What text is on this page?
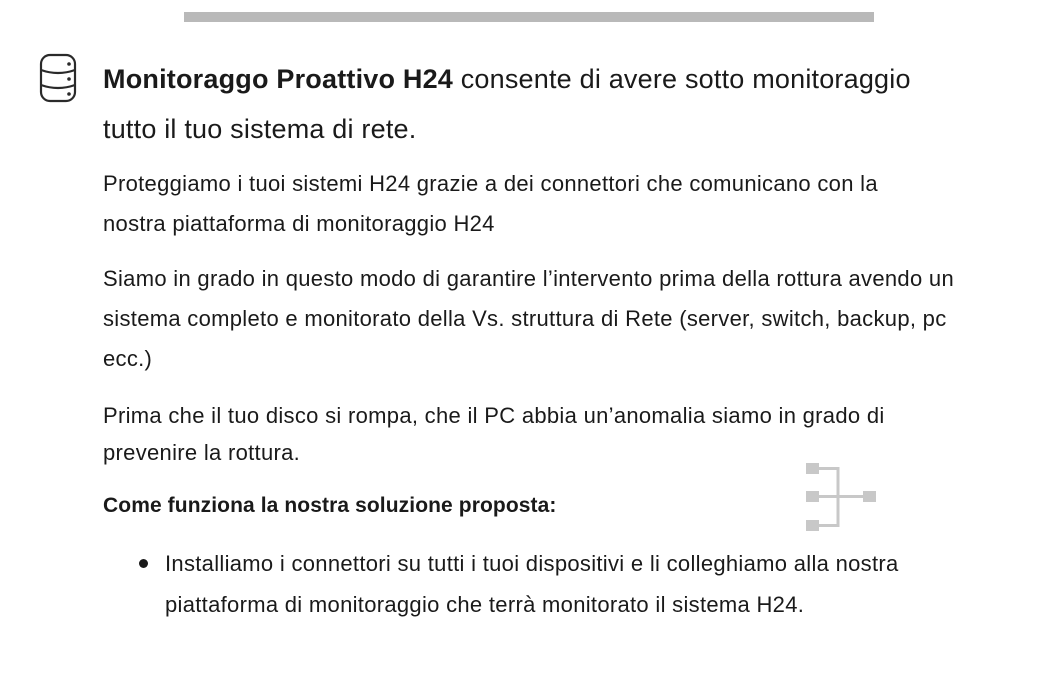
Monitoraggo Proattivo H24 consente di avere sotto monitoraggio tutto il tuo sistema di rete.

Proteggiamo i tuoi sistemi H24 grazie a dei connettori che comunicano con la nostra piattaforma di monitoraggio H24

Siamo in grado in questo modo di garantire l’intervento prima della rottura avendo un sistema completo e monitorato della Vs. struttura di Rete (server, switch, backup, pc ecc.)

Prima che il tuo disco si rompa, che il PC abbia un’anomalia siamo in grado di prevenire la rottura.

Come funziona la nostra soluzione proposta:

Installiamo i connettori su tutti i tuoi dispositivi e li colleghiamo alla nostra piattaforma di monitoraggio che terrà monitorato il sistema H24.
